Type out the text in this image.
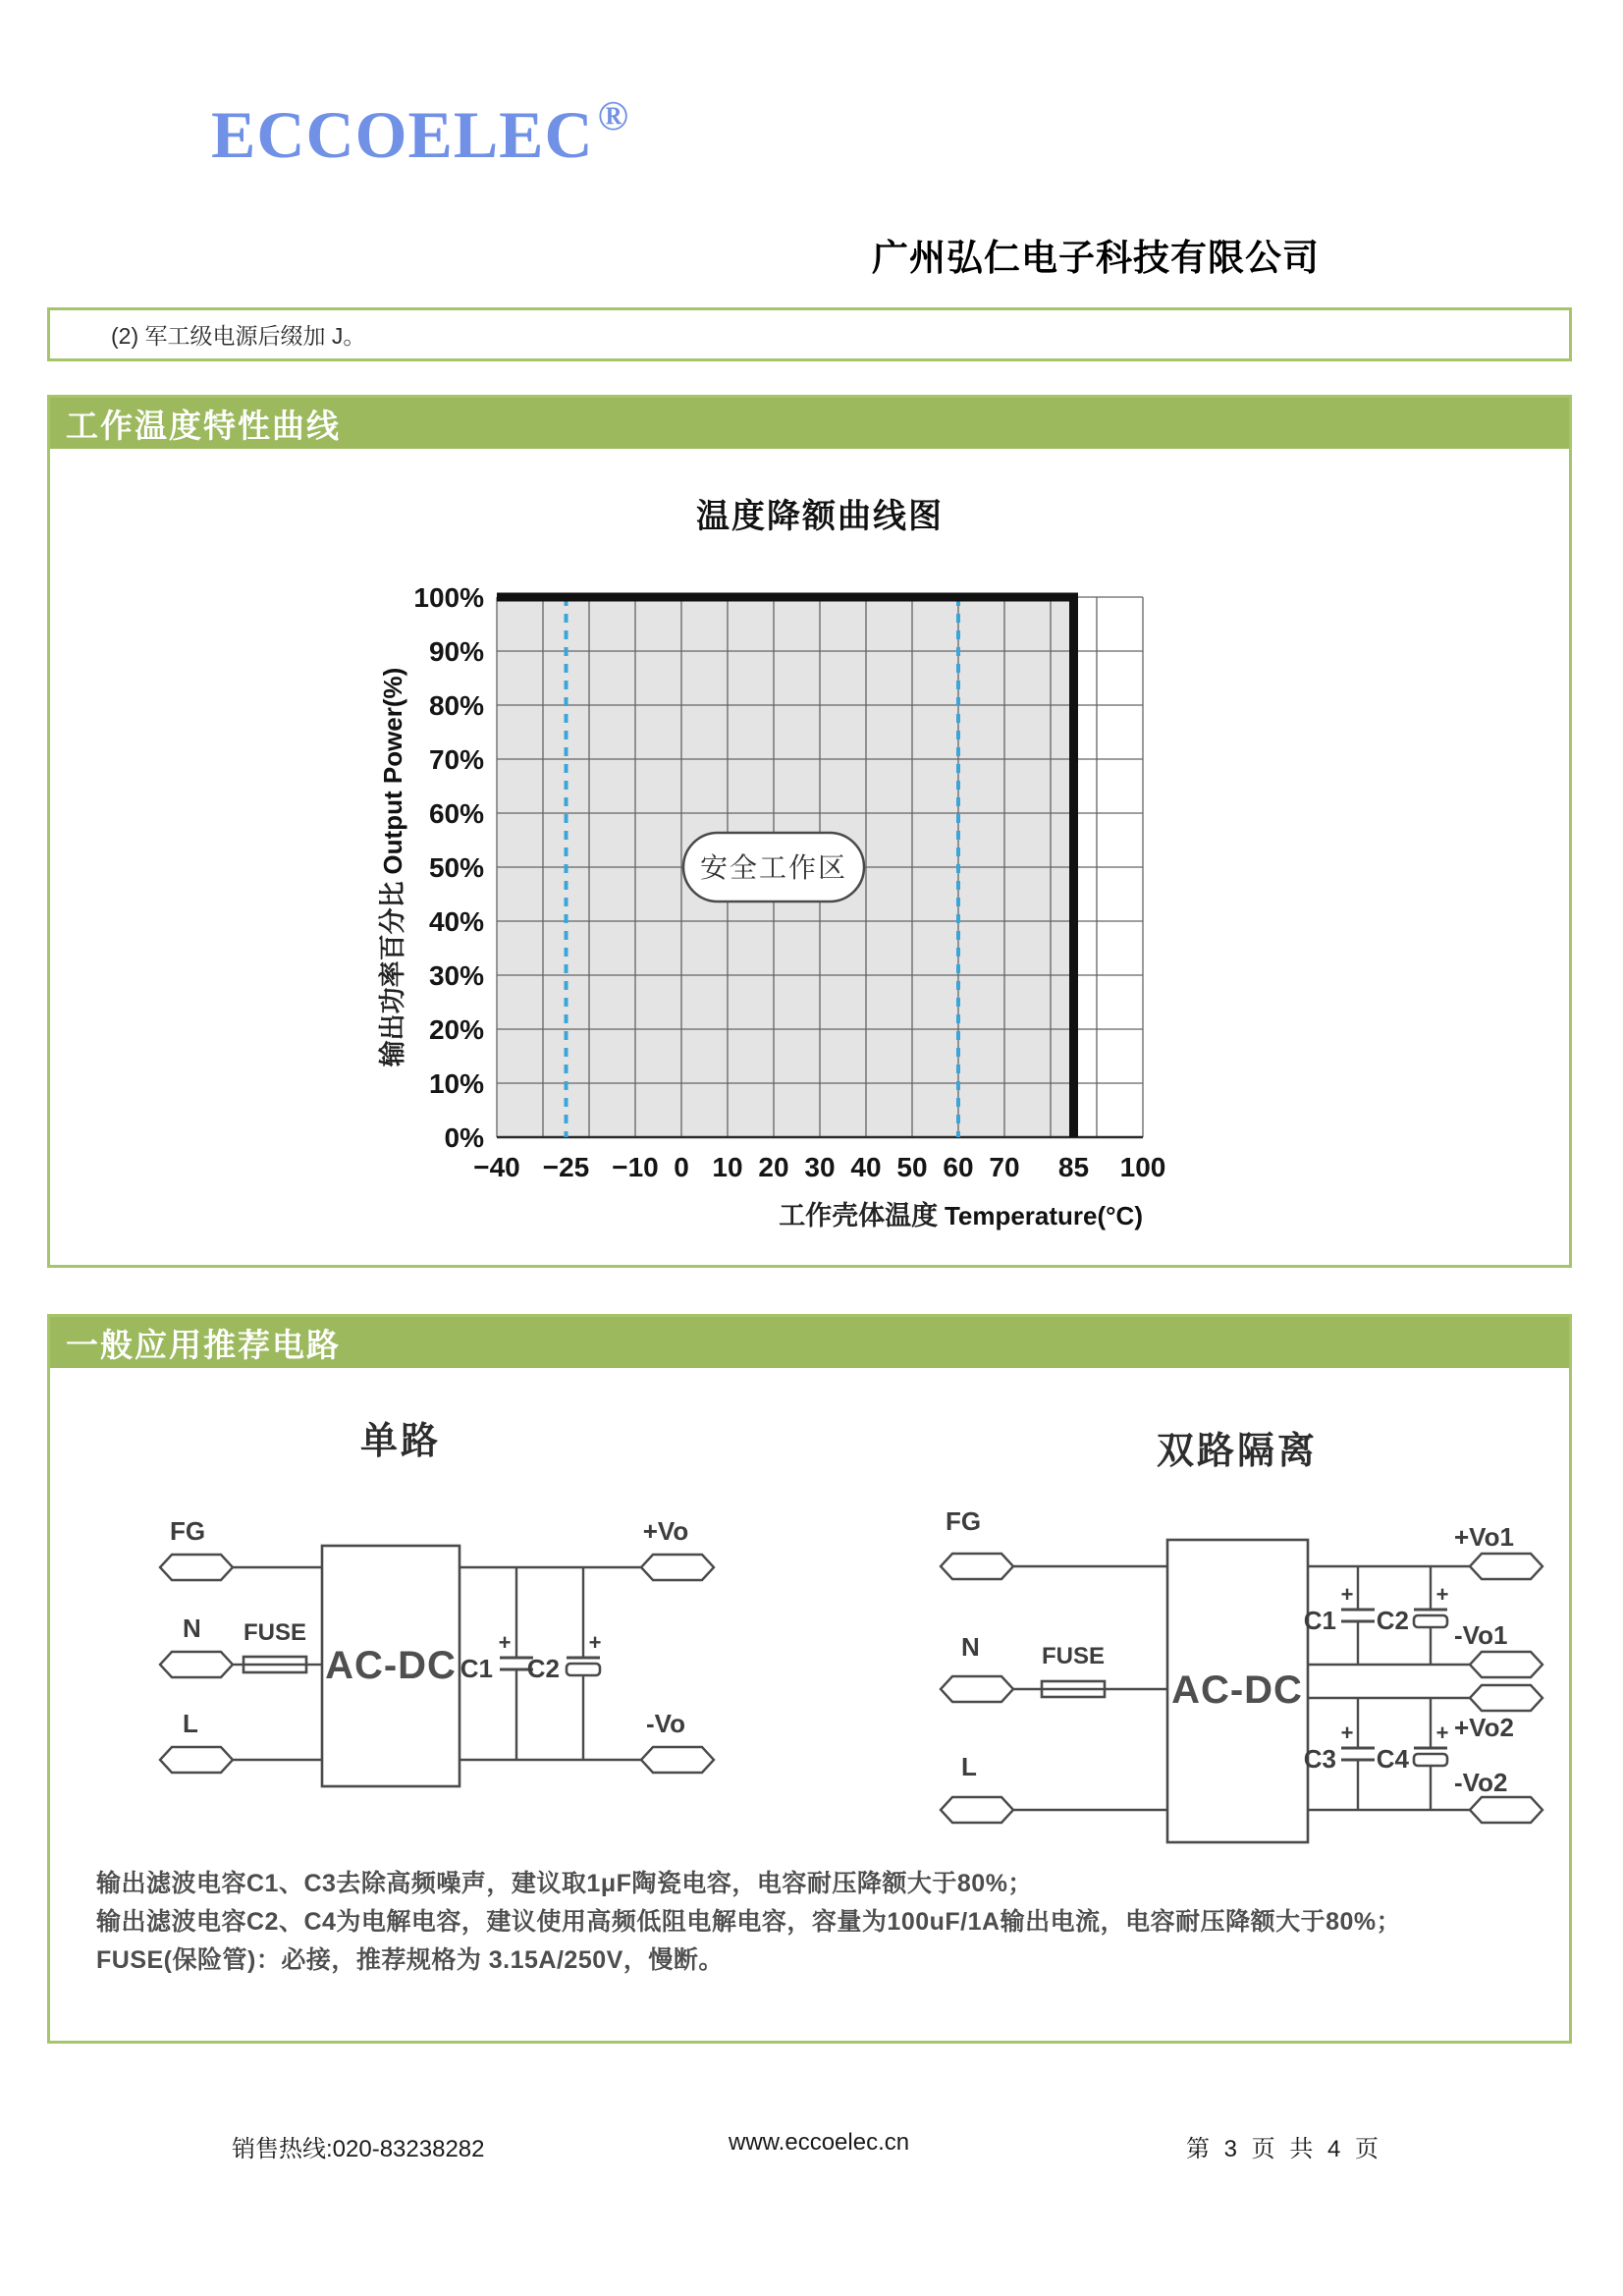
ECCOELEC®
广州弘仁电子科技有限公司
(2) 军工级电源后缀加 J。
工作温度特性曲线
−40 −25 −10 0 10 20 30 40 50 60 70 85 100
0%
10%
20%
30%
40%
50%
60%
70%
80%
90%
100%
安全工作区
温度降额曲线图
输出功率百分比 Output Power(%)
工作壳体温度 Temperature(°C)
一般应用推荐电路
单路
FG
N
L
FUSE
AC-DC
+
C1
+
C2
+Vo
-Vo
双路隔离
FG
N
L
FUSE
AC-DC
+
C1
+
C2
+
C3
+
C4
+Vo1
-Vo1
+Vo2
-Vo2
输出滤波电容C1、C3去除高频噪声，建议取1μF陶瓷电容，电容耐压降额大于80%；
输出滤波电容C2、C4为电解电容，建议使用高频低阻电解电容，容量为100uF/1A输出电流，电容耐压降额大于80%；
FUSE(保险管)：必接，推荐规格为 3.15A/250V，慢断。
销售热线:020-83238282	www.eccoelec.cn	第 3 页 共 4 页
